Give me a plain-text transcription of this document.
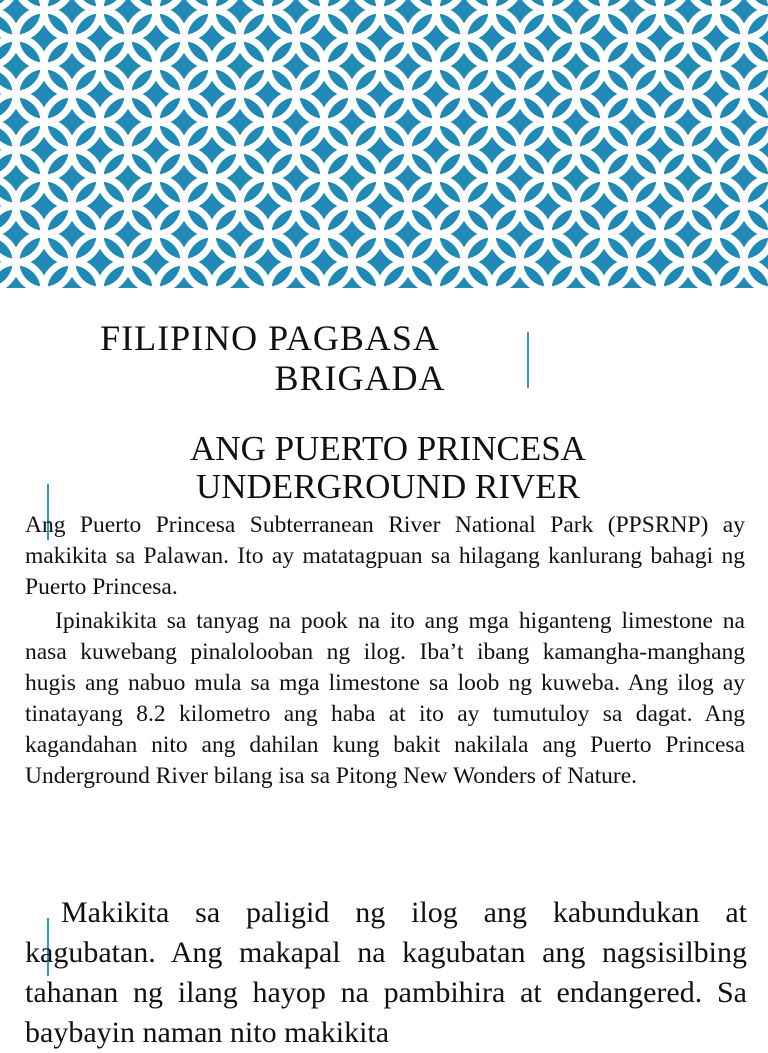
FILIPINO PAGBASA
BRIGADA
ANG PUERTO PRINCESA
UNDERGROUND RIVER

Ang Puerto Princesa Subterranean River National Park (PPSRNP) ay makikita sa Palawan. Ito ay matatagpuan sa hilagang kanlurang bahagi ng Puerto Princesa.

Ipinakikita sa tanyag na pook na ito ang mga higanteng limestone na nasa kuwebang pinalolooban ng ilog. Iba’t ibang kamangha-manghang hugis ang nabuo mula sa mga limestone sa loob ng kuweba. Ang ilog ay tinatayang 8.2 kilometro ang haba at ito ay tumutuloy sa dagat. Ang kagandahan nito ang dahilan kung bakit nakilala ang Puerto Princesa Underground River bilang isa sa Pitong New Wonders of Nature.

Makikita sa paligid ng ilog ang kabundukan at kagubatan. Ang makapal na kagubatan ang nagsisilbing tahanan ng ilang hayop na pambihira at endangered. Sa baybayin naman nito makikita
